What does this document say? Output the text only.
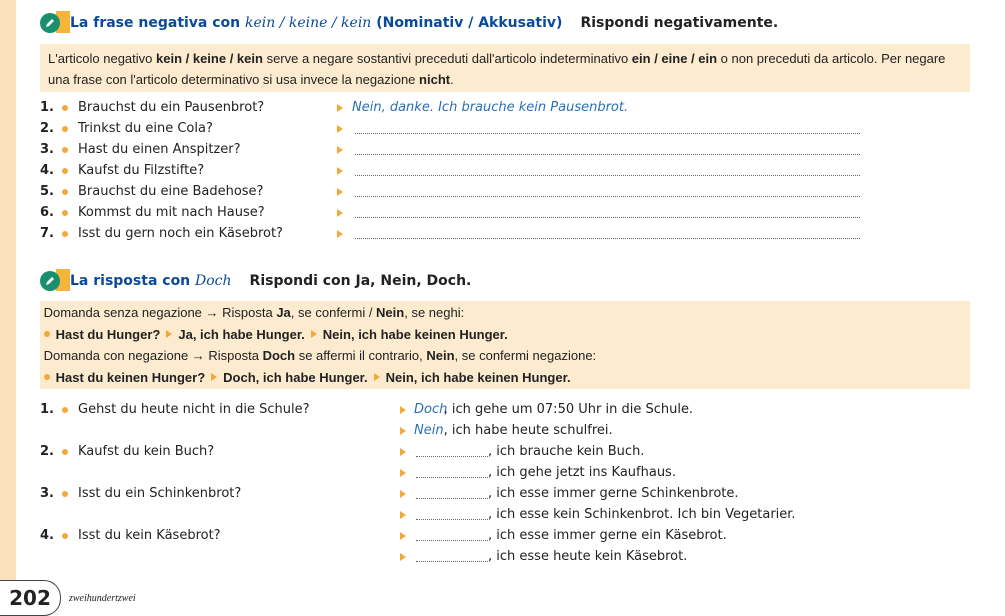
La frase negativa con kein / keine / kein (Nominativ / Akkusativ) Rispondi negativamente.
L'articolo negativo kein / keine / kein serve a negare sostantivi preceduti dall'articolo indeterminativo ein / eine / ein o non preceduti da articolo. Per negare una frase con l'articolo determinativo si usa invece la negazione nicht.
1. Brauchst du ein Pausenbrot?	Nein, danke. Ich brauche kein Pausenbrot.
2. Trinkst du eine Cola?
3. Hast du einen Anspitzer?
4. Kaufst du Filzstifte?
5. Brauchst du eine Badehose?
6. Kommst du mit nach Hause?
7. Isst du gern noch ein Käsebrot?
La risposta con Doch Rispondi con Ja, Nein, Doch.
Domanda senza negazione → Risposta Ja, se confermi / Nein, se neghi:
Hast du Hunger? Ja, ich habe Hunger. Nein, ich habe keinen Hunger.
Domanda con negazione → Risposta Doch se affermi il contrario, Nein, se confermi negazione:
Hast du keinen Hunger? Doch, ich habe Hunger. Nein, ich habe keinen Hunger.
1. Gehst du heute nicht in die Schule?	Doch
, ich gehe um 07:50 Uhr in die Schule.
Nein , ich habe heute schulfrei.
2. Kaufst du kein Buch?	, ich brauche kein Buch.
, ich gehe jetzt ins Kaufhaus.
3. Isst du ein Schinkenbrot?	, ich esse immer gerne Schinkenbrote.
, ich esse kein Schinkenbrot. Ich bin Vegetarier.
4. Isst du kein Käsebrot?	, ich esse immer gerne ein Käsebrot.
, ich esse heute kein Käsebrot.
202	zweihundertzwei
